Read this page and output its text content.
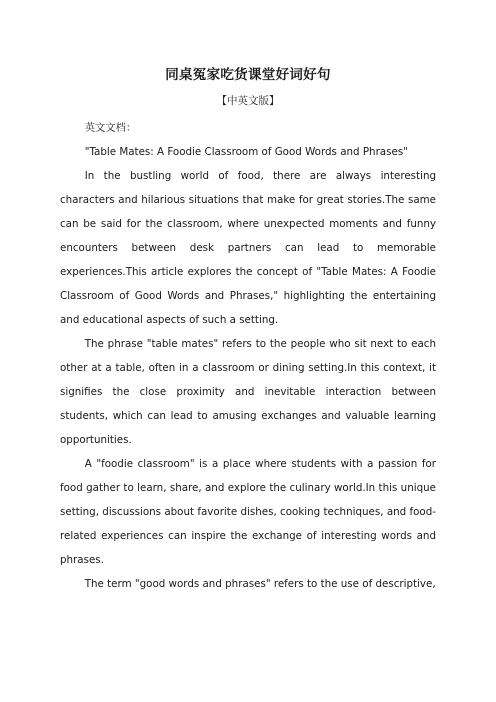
同桌冤家吃货课堂好词好句

【中英文版】

英文文档：

"Table Mates: A Foodie Classroom of Good Words and Phrases"

In the bustling world of food, there are always interesting characters and hilarious situations that make for great stories.The same can be said for the classroom, where unexpected moments and funny encounters between desk partners can lead to memorable experiences.This article explores the concept of "Table Mates: A Foodie Classroom of Good Words and Phrases," highlighting the entertaining and educational aspects of such a setting.

The phrase "table mates" refers to the people who sit next to each other at a table, often in a classroom or dining setting.In this context, it signifies the close proximity and inevitable interaction between students, which can lead to amusing exchanges and valuable learning opportunities.

A "foodie classroom" is a place where students with a passion for food gather to learn, share, and explore the culinary world.In this unique setting, discussions about favorite dishes, cooking techniques, and food-related experiences can inspire the exchange of interesting words and phrases.

The term "good words and phrases" refers to the use of descriptive,
